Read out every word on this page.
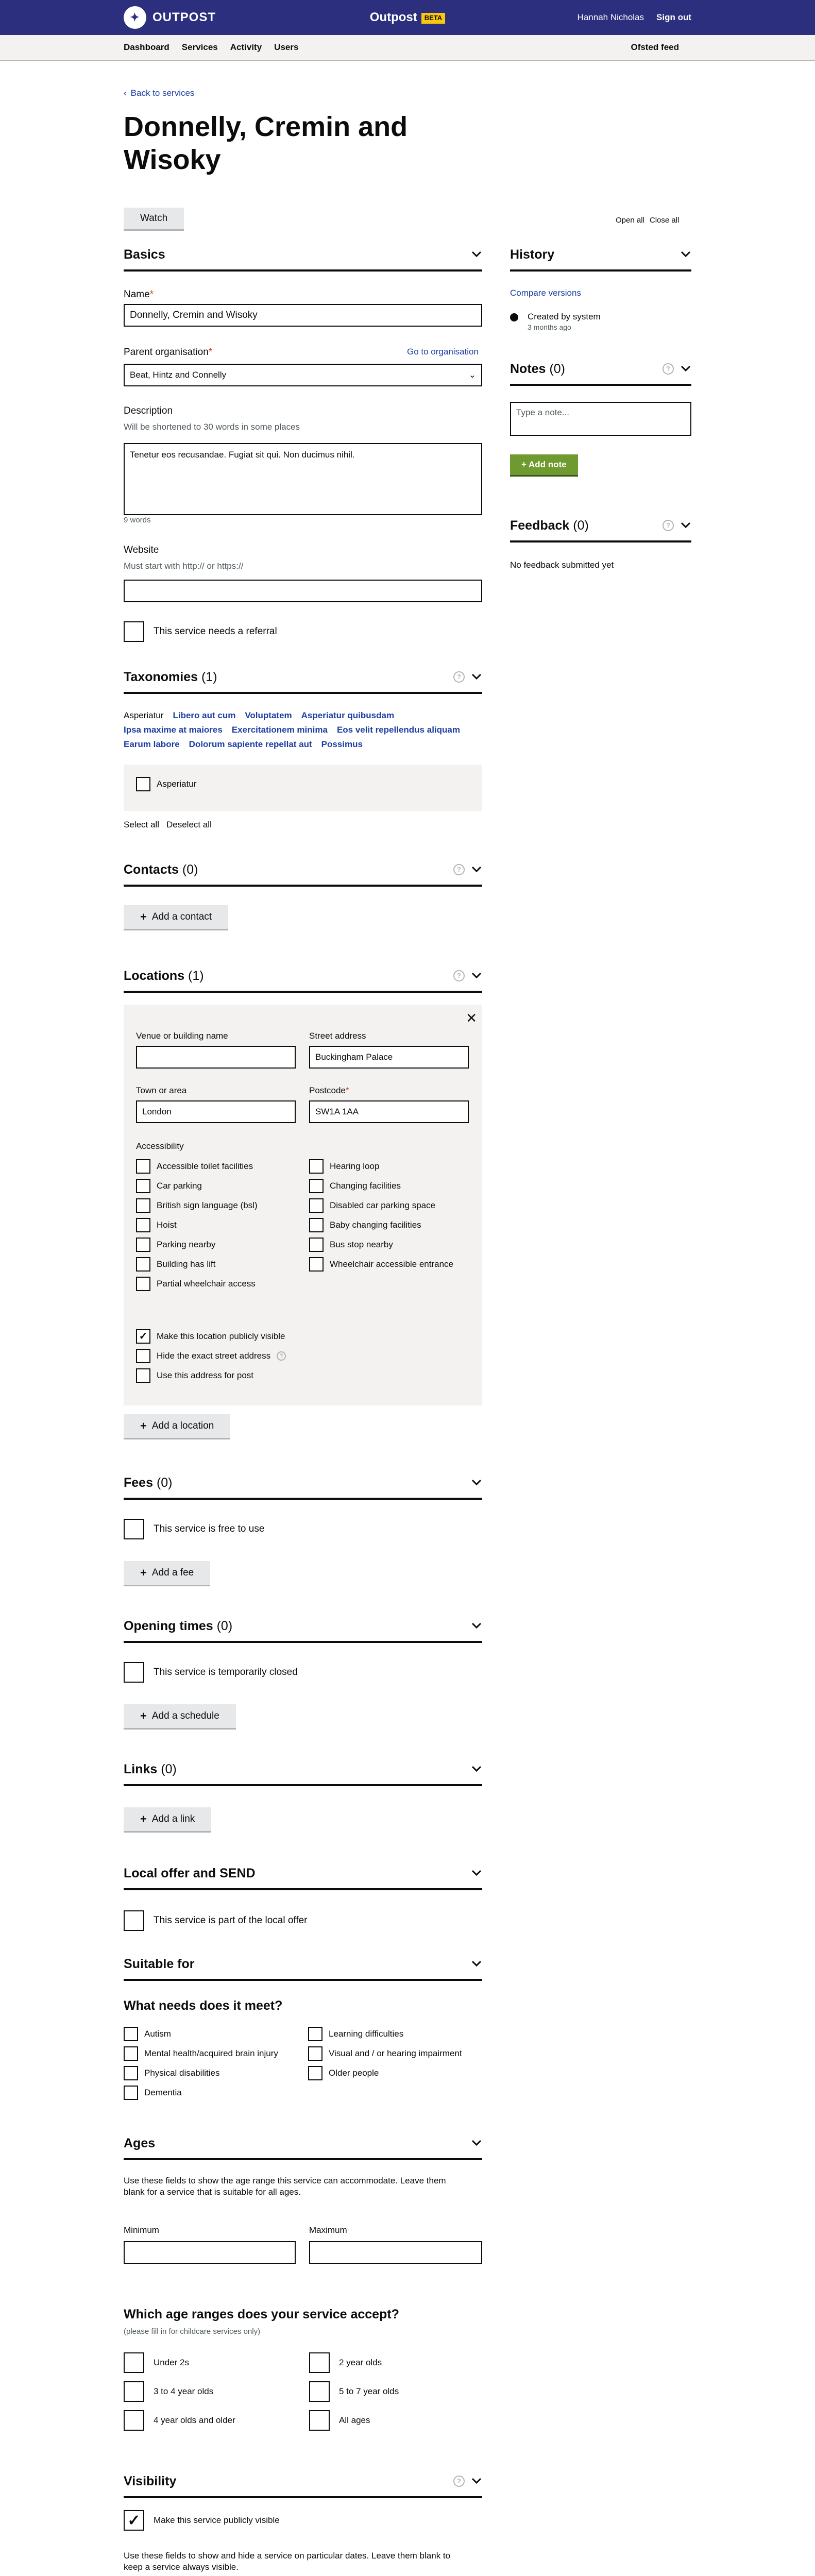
✦	OUTPOST	Outpost BETA	Hannah Nicholas Sign out
Dashboard Services Activity Users	Ofsted feed
‹ Back to services
Donnelly, Cremin and Wisoky
Watch	Open all Close all
Basics
Name*
Donnelly, Cremin and Wisoky
Parent organisation*	Go to organisation
Beat, Hintz and Connelly	⌄
Description
Will be shortened to 30 words in some places
Tenetur eos recusandae. Fugiat sit qui. Non ducimus nihil.
9 words
Website
Must start with http:// or https://
This service needs a referral
Taxonomies (1)	?
Asperiatur Libero aut cum Voluptatem Asperiatur quibusdam
Ipsa maxime at maiores Exercitationem minima Eos velit repellendus aliquam
Earum labore Dolorum sapiente repellat aut Possimus
Asperiatur
Select all Deselect all
Contacts (0)	?
+ Add a contact
Locations (1)	?
✕
Venue or building name	Street address
Buckingham Palace
Town or area
London
Postcode*
SW1A 1AA
Accessibility
Accessible toilet facilities
Car parking
British sign language (bsl)
Hoist
Parking nearby
Building has lift
Partial wheelchair access
Hearing loop
Changing facilities
Disabled car parking space
Baby changing facilities
Bus stop nearby
Wheelchair accessible entrance
✓	Make this location publicly visible
Hide the exact street address	?
Use this address for post
+ Add a location
Fees (0)
This service is free to use
+ Add a fee
Opening times (0)
This service is temporarily closed
+ Add a schedule
Links (0)
+ Add a link
Local offer and SEND
This service is part of the local offer
Suitable for
What needs does it meet?
Autism
Mental health/acquired brain injury
Physical disabilities
Dementia
Learning difficulties
Visual and / or hearing impairment
Older people
Ages
Use these fields to show the age range this service can accommodate. Leave them blank for a service that is suitable for all ages.
Minimum	Maximum
Which age ranges does your service accept?
(please fill in for childcare services only)
Under 2s
3 to 4 year olds
4 year olds and older
2 year olds
5 to 7 year olds
All ages
Visibility	?
✓	Make this service publicly visible
Use these fields to show and hide a service on particular dates. Leave them blank to keep a service always visible.
History
Compare versions
Created by system
3 months ago
Notes (0)	?
Type a note...
+ Add note
Feedback (0)	?
No feedback submitted yet
